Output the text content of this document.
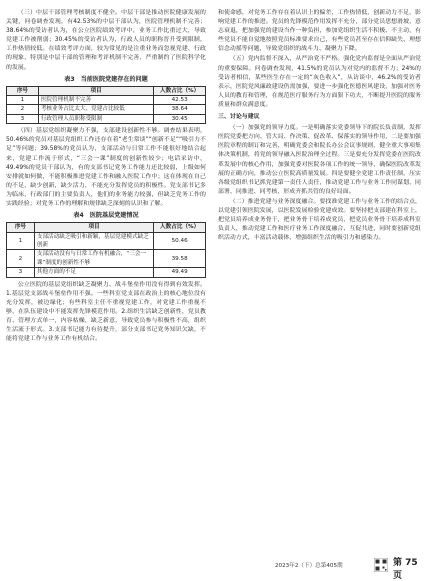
（三）中层干部管理考核制度不健全。中层干部是推动医院健康发展的关键，问卷调查发现，有42.53%的中层干部认为，医院管理机制不完善；38.64%的受访者认为，在公立医院绩效考评中，业务工作比重过大，导致党建工作被削弱；30.45%的受访者认为，行政人员的职称晋升受到限制，工作热情较低。在绩效考评方面，较为常见的是注重业务而忽视党建、行政的现象，特别是中层干部的管理和考评机制不完善，严重制约了医院科学化的发展。

表3　当前医院党建存在的问题
序号	项目	人数占比（%）
1	医院管理机制不完善	42.53
2	考核业务占比太大、党建占比较低	38.64
3	行政管理人员职称受限制	30.45

（四）基层党组织凝聚力不强，支部建设创新性不够。调查结果表明，50.46%的党员对基层党组织工作还存在着“老生常谈”“创新不足”“吸引力不足”等问题；39.58%的党员认为，支部活动与日常工作不能很好地结合起来，党建工作流于形式，“三会一课”制度的创新性较少；电话采访中，49.49%的党员干部认为，有的支部书记党务工作能力还比较弱，上级如何安排就如何做，不能积极推进党建工作和融入医院工作中；这在体现在自己的不足，缺少创新，缺少活力，不能充分发挥党员的积极性。党支部书记多为临床、行政部门的主要负责人，他们的业务能力较强，但缺乏党务工作的实践经验；对党务工作的理解和规律缺乏深刻的认识和了解。

表4　医院基层党建情况
序号	项目	人数占比（%）
1	支部活动缺乏吸引和新颖，基层党建模式缺乏创新	50.46
2	支部活动没有与日常工作有机融合，“三会一课”制度的创新性不够	39.58
3	其他方面的不足	49.49

公立医院的基层党组织缺乏凝聚力、战斗堡垒作用没有得到有效发挥。1.基层党支部战斗堡垒作用不强。一些科室党支部在政治上的核心地位没有充分发挥，被边缘化；有些科室主任不重视党建工作，对党建工作重视不够，在队伍建设中不能发挥先锋模范作用。2.组织生活缺乏创新性，党员教育、管理方式单一，内容枯燥，缺乏新意，导致党员参与积极性不高，组织生活流于形式。3.支部书记能力有待提升，部分支部书记党务知识欠缺，不能将党建工作与业务工作有机结合。

和使命感，对党务工作存在着认识上的偏差，工作热情低，创新动力不足，影响党建工作的推进。党员的先锋模范作用发挥不充分，部分党员思想滑坡、意志衰退，把加强党的建设当作一种负担，参加党组织生活不积极、不主动，有些党员不能自觉地按照党员标准要求自己，有些党员甚至存在信仰缺失、理想信念动摇等问题，导致党组织的战斗力、凝聚力下降。

（五）党内监督不深入，从严治党不严格。强化党内监督是全面从严治党的重要保障。问卷调查发现，41.5%的党员认为对党内的监督不力；24%的受访者相信，某些医生存在一定的“灰色收入”，从访谈中，46.2%的受访者表示，医院党风廉政建设仍需加强，要进一步强化医德医风建设，加强对医务人员的教育和管理，在规范医疗服务行为方面狠下功夫，不断提升医院的服务质量和群众满意度。

三、讨论与建议

（一）加强党的领导力度。一是明确落实党委领导下的院长负责制，发挥医院党委把方向、管大局、作决策、促改革、保落实的领导作用，二是要加强医院章程的制订和完善，明确党委会和院长办公会议事规则，健全重大事项集体决策机制，将党的领导融入医院治理全过程。三是要充分发挥党委在医院改革发展中的核心作用，加强党委对医院各项工作的统一领导，确保医院改革发展的正确方向，推动公立医院高质量发展。四是要健全党建工作责任制，压实各级党组织书记抓党建第一责任人责任，推动党建工作与业务工作同谋划、同部署、同推进、同考核，形成齐抓共管的良好局面。

（二）推进党建与业务深度融合。要找准党建工作与业务工作的结合点，以党建引领医院发展，以医院发展检验党建成效。要坚持把支部建在科室上，把党员培养成业务骨干，把业务骨干培养成党员，把党员业务骨干培养成科室负责人，推动党建工作和医疗业务工作深度融合、互促共进，同时要创新党组织活动方式，丰富活动载体，增强组织生活的吸引力和感染力。

2023年2（下）总第405期	第 75 页
